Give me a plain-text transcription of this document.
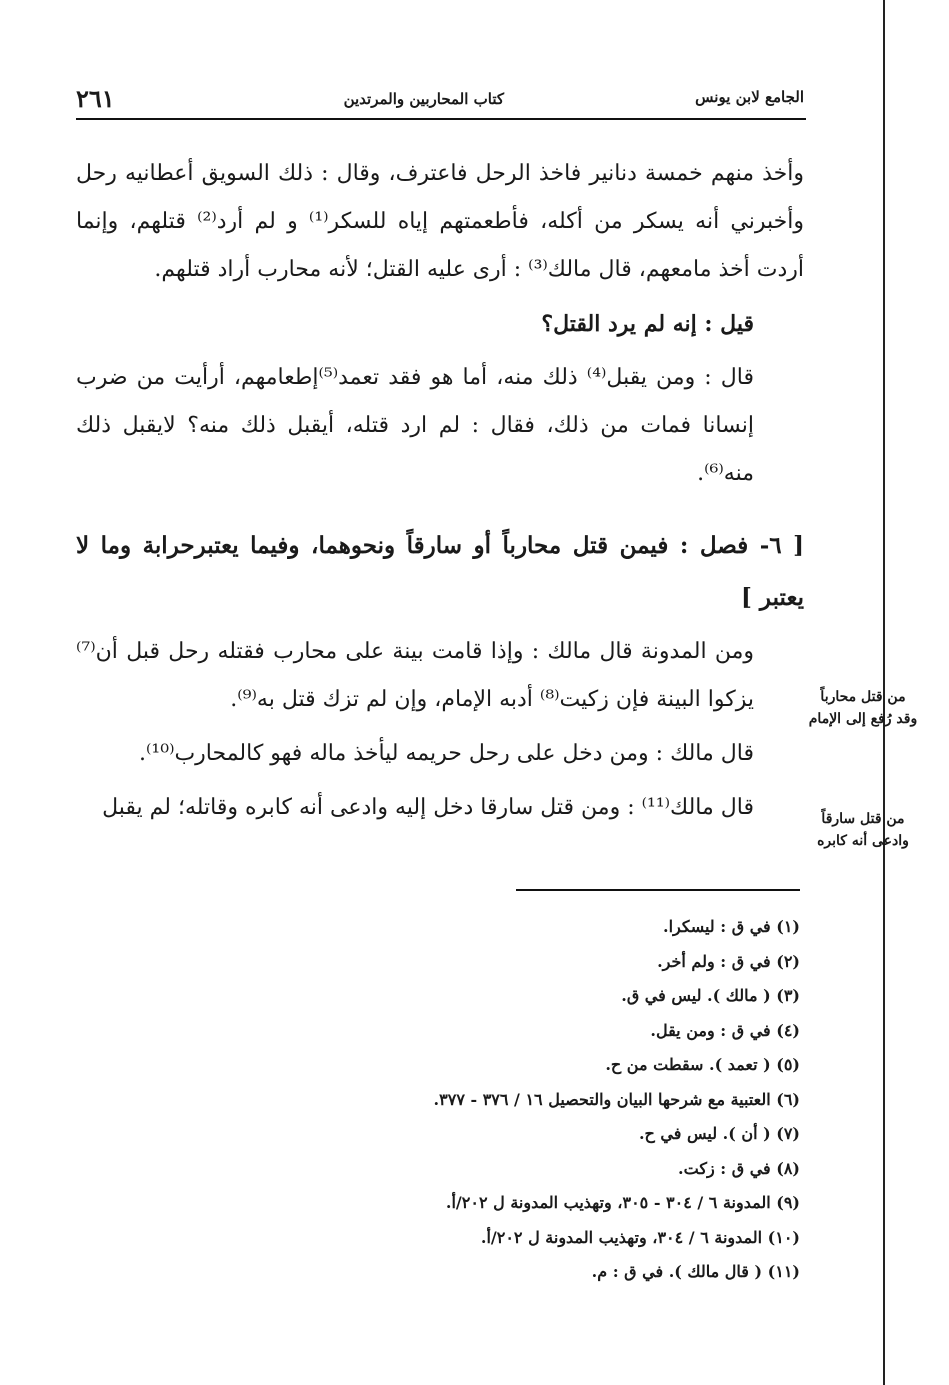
الجامع لابن يونس
كتاب المحاربين والمرتدين
٢٦١

وأخذ منهم خمسة دنانير فاخذ الرحل فاعترف، وقال : ذلك السويق أعطانيه رحل وأخبرني أنه يسكر من أكله، فأطعمتهم إياه للسكر⁽¹⁾ و لم أرد⁽²⁾ قتلهم، وإنما أردت أخذ مامعهم، قال مالك⁽³⁾ : أرى عليه القتل؛ لأنه محارب أراد قتلهم.

قيل : إنه لم يرد القتل؟

قال : ومن يقبل⁽⁴⁾ ذلك منه، أما هو فقد تعمد⁽⁵⁾إطعامهم، أرأيت من ضرب إنسانا فمات من ذلك، فقال : لم ارد قتله، أيقبل ذلك منه؟ لايقبل ذلك منه⁽⁶⁾.

[ ٦- فصل : فيمن قتل محارباً أو سارقاً ونحوهما، وفيما يعتبرحرابة وما لا يعتبر ]

ومن المدونة قال مالك : وإذا قامت بينة على محارب فقتله رحل قبل أن⁽⁷⁾ يزكوا البينة فإن زكيت⁽⁸⁾ أدبه الإمام، وإن لم تزك قتل به⁽⁹⁾.

قال مالك : ومن دخل على رحل حريمه ليأخذ ماله فهو كالمحارب⁽¹⁰⁾.

قال مالك⁽¹¹⁾ : ومن قتل سارقا دخل إليه وادعى أنه كابره وقاتله؛ لم يقبل

من قتل محارباً وقد رُفع إلى الإمام
من قتل سارقاً وادعى أنه كابره
(١) في ق : ليسكرا.
(٢) في ق : ولم أخر.
(٣) ( مالك ). ليس في ق.
(٤) في ق : ومن يقل.
(٥) ( تعمد ). سقطت من ح.
(٦) العتبية مع شرحها البيان والتحصيل ١٦ / ٣٧٦ - ٣٧٧.
(٧) ( أن ). ليس في ح.
(٨) في ق : زكت.
(٩) المدونة ٦ / ٣٠٤ - ٣٠٥، وتهذيب المدونة ل ٢٠٢/أ.
(١٠) المدونة ٦ / ٣٠٤، وتهذيب المدونة ل ٢٠٢/أ.
(١١) ( قال مالك ). في ق : م.
